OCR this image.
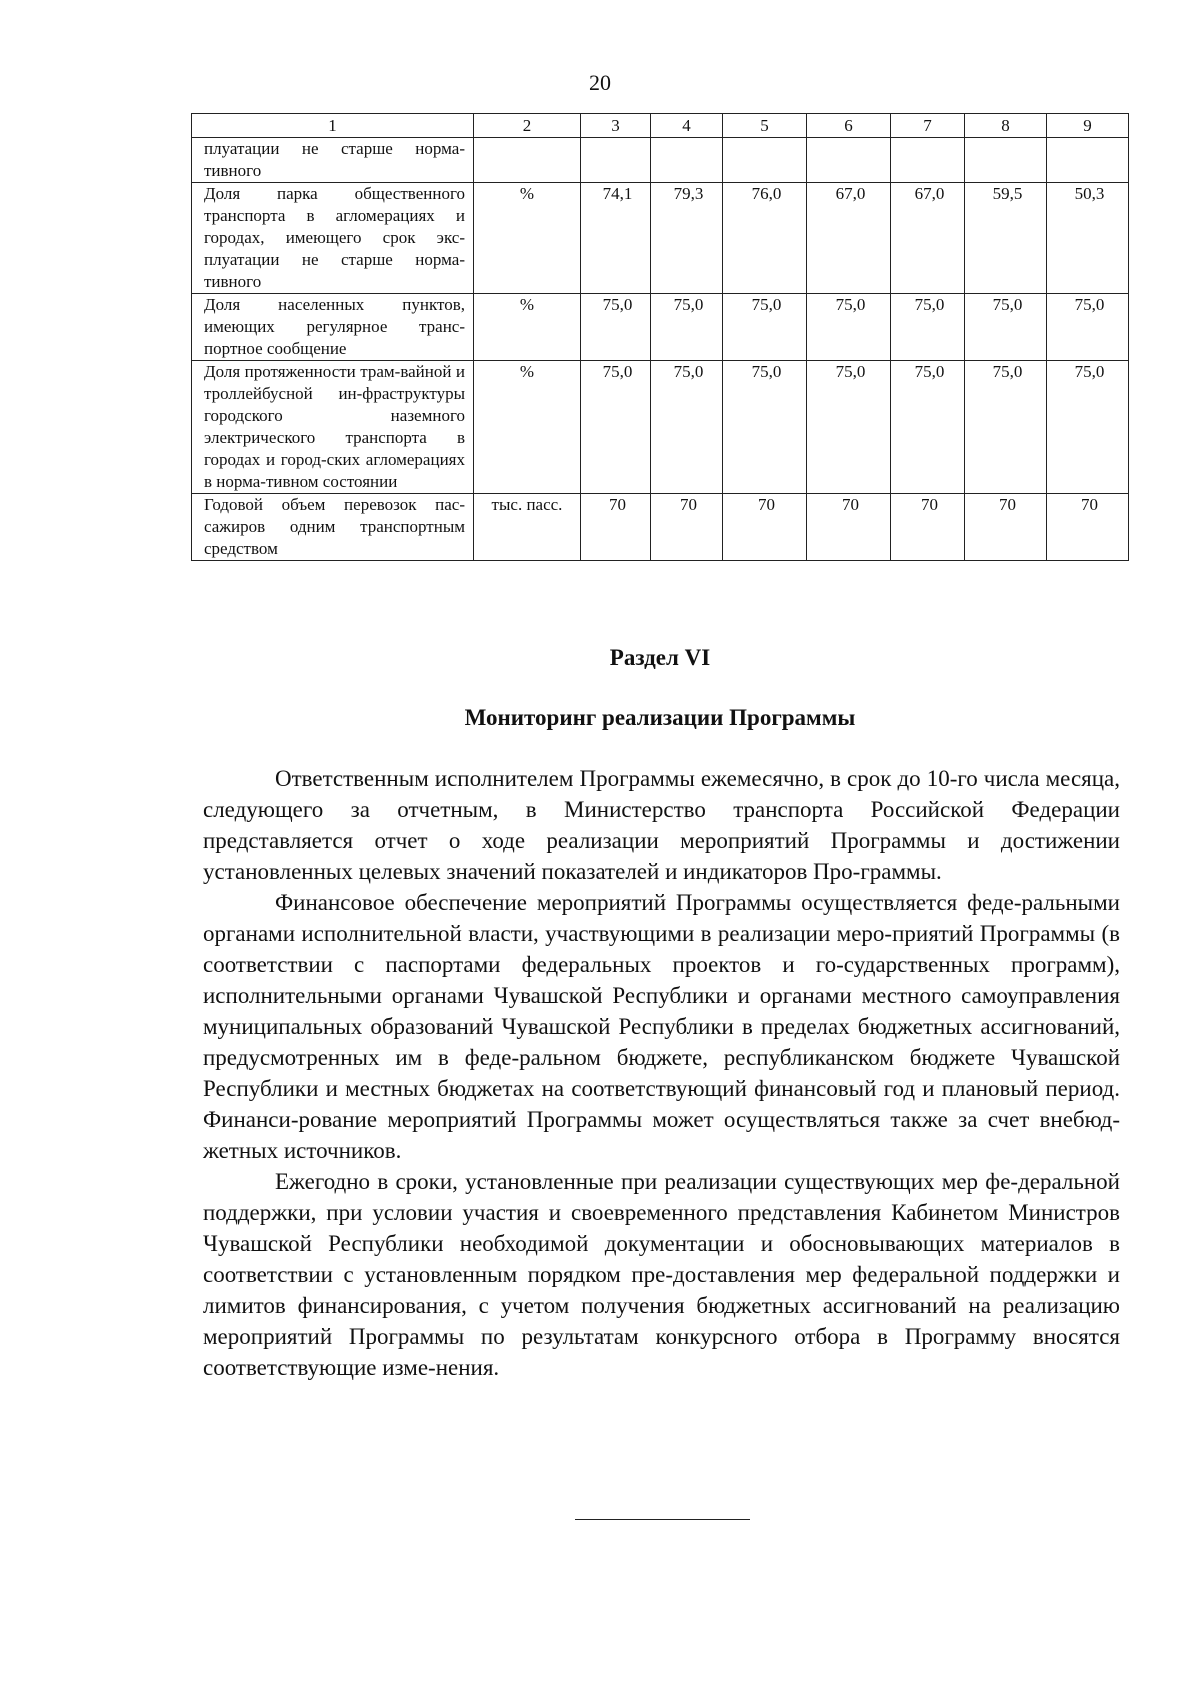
20
1	2	3	4	5	6	7	8	9
плуатации не старше норма-тивного								
Доля парка общественного транспорта в агломерациях и городах, имеющего срок экс-плуатации не старше норма-тивного	%	74,1	79,3	76,0	67,0	67,0	59,5	50,3
Доля населенных пунктов, имеющих регулярное транс-портное сообщение	%	75,0	75,0	75,0	75,0	75,0	75,0	75,0
Доля протяженности трам-вайной и троллейбусной ин-фраструктуры городского наземного электрического транспорта в городах и город-ских агломерациях в норма-тивном состоянии	%	75,0	75,0	75,0	75,0	75,0	75,0	75,0
Годовой объем перевозок пас-сажиров одним транспортным средством	тыс. пасс.	70	70	70	70	70	70	70
Раздел VI
Мониторинг реализации Программы

Ответственным исполнителем Программы ежемесячно, в срок до 10-го числа месяца, следующего за отчетным, в Министерство транспорта Российской Федерации представляется отчет о ходе реализации мероприятий Программы и достижении установленных целевых значений показателей и индикаторов Про-граммы.

Финансовое обеспечение мероприятий Программы осуществляется феде-ральными органами исполнительной власти, участвующими в реализации меро-приятий Программы (в соответствии с паспортами федеральных проектов и го-сударственных программ), исполнительными органами Чувашской Республики и органами местного самоуправления муниципальных образований Чувашской Республики в пределах бюджетных ассигнований, предусмотренных им в феде-ральном бюджете, республиканском бюджете Чувашской Республики и местных бюджетах на соответствующий финансовый год и плановый период. Финанси-рование мероприятий Программы может осуществляться также за счет внебюд-жетных источников.

Ежегодно в сроки, установленные при реализации существующих мер фе-деральной поддержки, при условии участия и своевременного представления Кабинетом Министров Чувашской Республики необходимой документации и обосновывающих материалов в соответствии с установленным порядком пре-доставления мер федеральной поддержки и лимитов финансирования, с учетом получения бюджетных ассигнований на реализацию мероприятий Программы по результатам конкурсного отбора в Программу вносятся соответствующие изме-нения.
